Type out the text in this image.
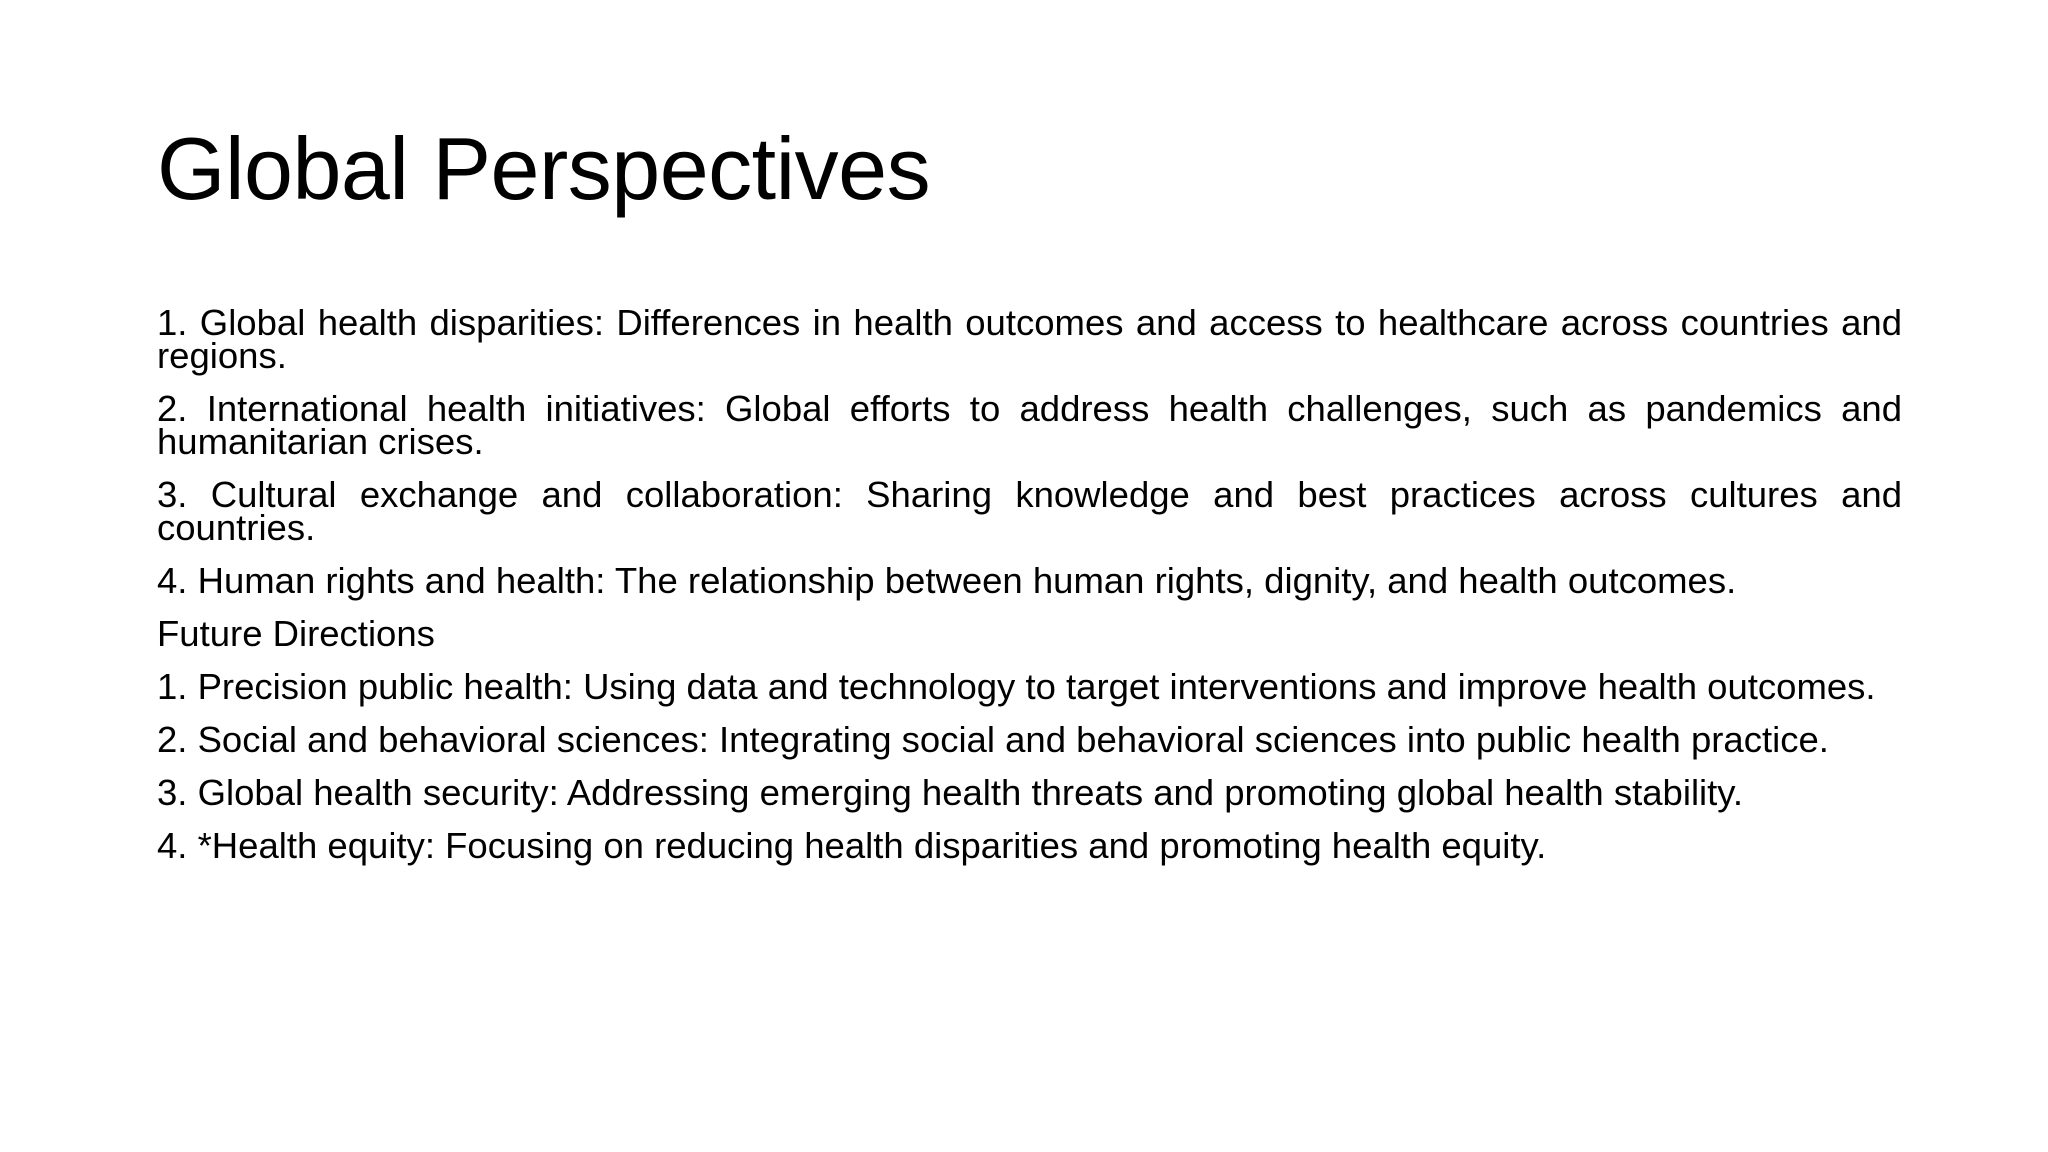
Global Perspectives

1. Global health disparities: Differences in health outcomes and access to healthcare across countries and regions.

2. International health initiatives: Global efforts to address health challenges, such as pandemics and humanitarian crises.

3. Cultural exchange and collaboration: Sharing knowledge and best practices across cultures and countries.

4. Human rights and health: The relationship between human rights, dignity, and health outcomes.

Future Directions

1. Precision public health: Using data and technology to target interventions and improve health outcomes.

2. Social and behavioral sciences: Integrating social and behavioral sciences into public health practice.

3. Global health security: Addressing emerging health threats and promoting global health stability.

4. *Health equity: Focusing on reducing health disparities and promoting health equity.
